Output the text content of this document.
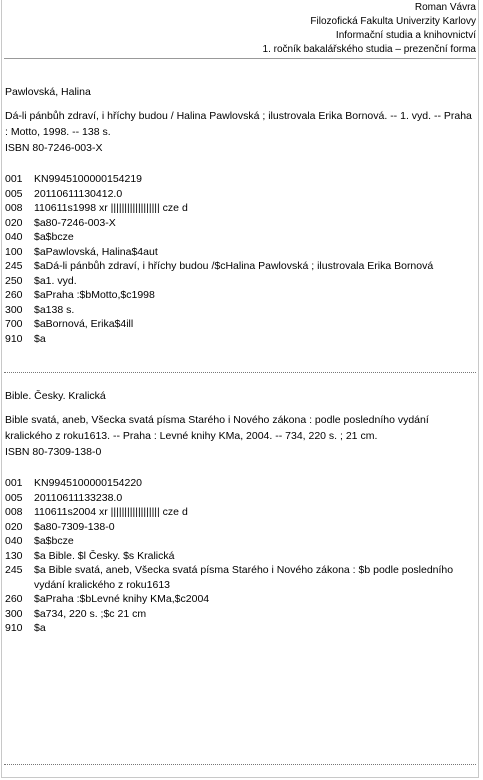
Roman Vávra
Filozofická Fakulta Univerzity Karlovy
Informační studia a knihovnictví
1. ročník bakalářského studia – prezenční forma
Pawlovská, Halina
Dá-li pánbůh zdraví, i hříchy budou / Halina Pawlovská ; ilustrovala Erika Bornová. -- 1. vyd. -- Praha : Motto, 1998. -- 138 s.
ISBN 80-7246-003-X
001	KN9945100000154219
005	20110611130412.0
008	110611s1998 xr |||||||||||||||||| cze d
020	$a80-7246-003-X
040	$a$bcze
100	$aPawlovská, Halina$4aut
245	$aDá-li pánbůh zdraví, i hříchy budou /$cHalina Pawlovská ; ilustrovala Erika Bornová
250	$a1. vyd.
260	$aPraha :$bMotto,$c1998
300	$a138 s.
700	$aBornová, Erika$4ill
910	$a
Bible. Česky. Kralická
Bible svatá, aneb, Všecka svatá písma Starého i Nového zákona : podle posledního vydání kralického z roku1613. -- Praha : Levné knihy KMa, 2004. -- 734, 220 s. ; 21 cm.
ISBN 80-7309-138-0
001	KN9945100000154220
005	20110611133238.0
008	110611s2004 xr |||||||||||||||||| cze d
020	$a80-7309-138-0
040	$a$bcze
130	$a Bible. $l Česky. $s Kralická
245	$a Bible svatá, aneb, Všecka svatá písma Starého i Nového zákona : $b podle posledního vydání kralického z roku1613
260	$aPraha :$bLevné knihy KMa,$c2004
300	$a734, 220 s. ;$c 21 cm
910	$a
